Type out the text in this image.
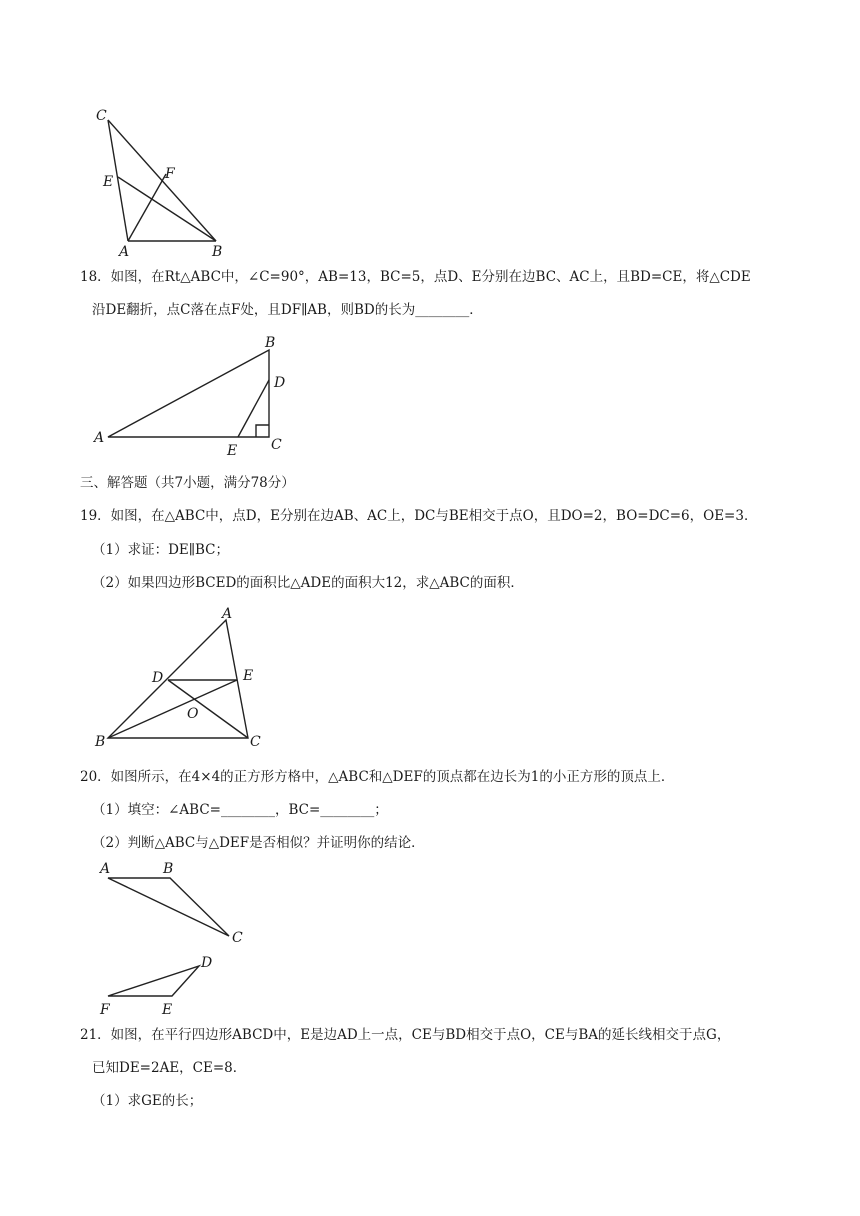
C
E	F
A	B
18．如图，在Rt△ABC中，∠C=90°，AB=13，BC=5，点D、E分别在边BC、AC上，且BD=CE，将△CDE
沿DE翻折，点C落在点F处，且DF∥AB，则BD的长为________．
B
D
A
E C
三、解答题（共7小题，满分78分）
19．如图，在△ABC中，点D，E分别在边AB、AC上，DC与BE相交于点O，且DO=2，BO=DC=6，OE=3．
（1）求证：DE∥BC；
（2）如果四边形BCED的面积比△ADE的面积大12，求△ABC的面积．
A
D	E
O
B	C
20．如图所示，在4×4的正方形方格中，△ABC和△DEF的顶点都在边长为1的小正方形的顶点上．
（1）填空：∠ABC=________，BC=________；
（2）判断△ABC与△DEF是否相似？并证明你的结论．
A	B
C
D
F	E
21．如图，在平行四边形ABCD中，E是边AD上一点，CE与BD相交于点O，CE与BA的延长线相交于点G，
已知DE=2AE，CE=8．
（1）求GE的长；
